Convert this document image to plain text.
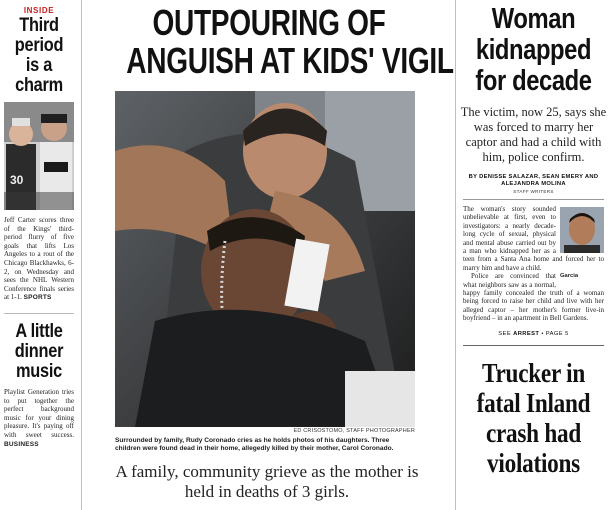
INSIDE
Third period is a charm
30
Jeff Carter scores three of the Kings' third-period flurry of five goals that lifts Los Angeles to a rout of the Chicago Blackhawks, 6-2, on Wednesday and sees the NHL Western Conference finals series at 1-1. SPORTS
A little dinner music
Playlist Generation tries to put together the perfect background music for your dining pleasure. It's paying off with sweet success. BUSINESS
OUTPOURING OF
ANGUISH AT KIDS' VIGIL
ED CRISOSTOMO, STAFF PHOTOGRAPHER
Surrounded by family, Rudy Coronado cries as he holds photos of his daughters. Three children were found dead in their home, allegedly killed by their mother, Carol Coronado.
A family, community grieve as the mother is held in deaths of 3 girls.
Woman kidnapped for decade
The victim, now 25, says she was forced to marry her captor and had a child with him, police confirm.
BY DENISSE SALAZAR, SEAN EMERY AND ALEJANDRA MOLINA
STAFF WRITERS

The woman's story sounded unbelievable at first, even to investigators: a nearly decade-long cycle of sexual, physical and mental abuse carried out by a man who kidnapped her as a teen from a Santa Ana home and forced her to marry him and have a child.

Garcia

Police are convinced that what neighbors saw as a normal, happy family concealed the truth of a woman being forced to raise her child and live with her alleged captor – her mother's former live-in boyfriend – in an apartment in Bell Gardens.

SEE ARREST • PAGE 5
Trucker in fatal Inland crash had violations
